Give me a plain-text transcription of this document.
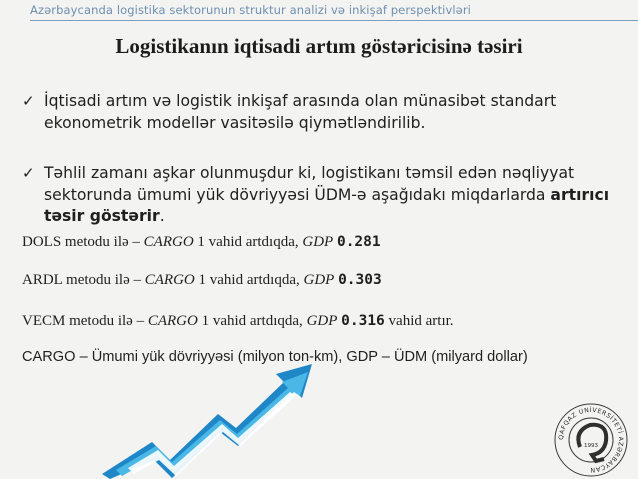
Azərbaycanda logistika sektorunun struktur analizi və inkişaf perspektivləri
Logistikanın iqtisadi artım göstəricisinə təsiri
✓ İqtisadi artım və logistik inkişaf arasında olan münasibət standart ekonometrik modellər vasitəsilə qiymətləndirilib.
✓ Təhlil zamanı aşkar olunmuşdur ki, logistikanı təmsil edən nəqliyyat sektorunda ümumi yük dövriyyəsi ÜDM-ə aşağıdakı miqdarlarda artırıcı təsir göstərir.
DOLS metodu ilə – CARGO 1 vahid artdıqda, GDP 0.281
ARDL metodu ilə – CARGO 1 vahid artdıqda, GDP 0.303
VECM metodu ilə – CARGO 1 vahid artdıqda, GDP 0.316 vahid artır.
CARGO – Ümumi yük dövriyyəsi (milyon ton-km), GDP – ÜDM (milyard dollar)
QAFQAZ UNİVERSİTETİ AZƏRBAYCAN
1993
